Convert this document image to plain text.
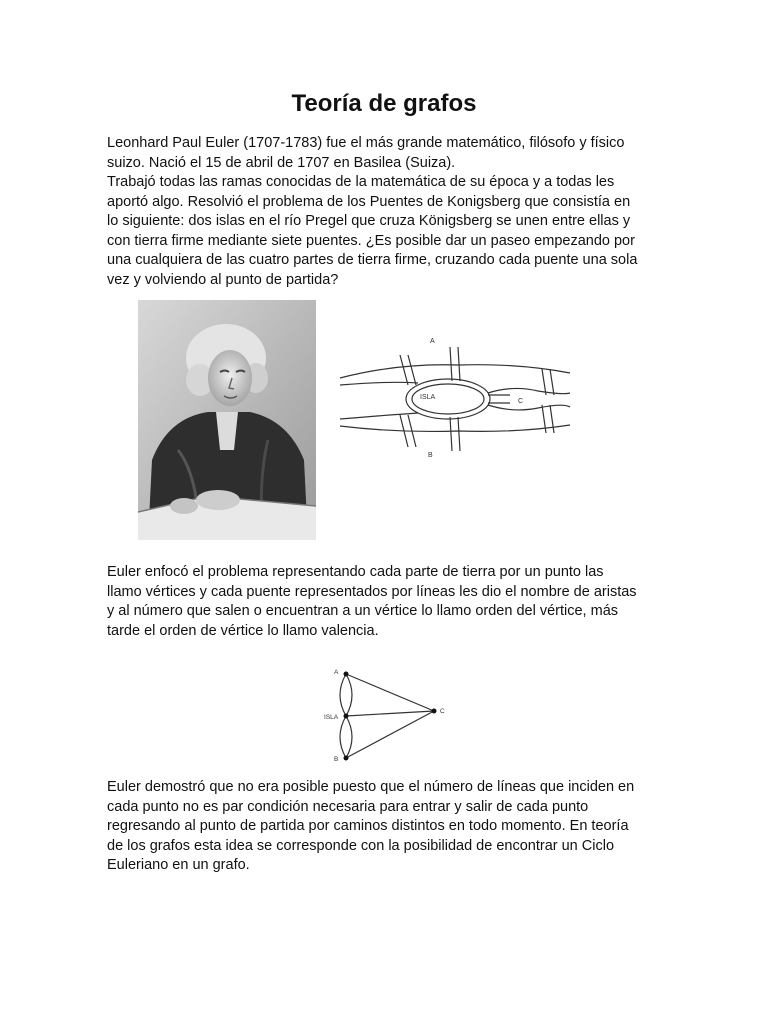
Teoría de grafos

Leonhard Paul Euler (1707-1783) fue el más grande matemático, filósofo y físico
suizo. Nació el 15 de abril de 1707 en Basilea (Suiza).
Trabajó todas las ramas conocidas de la matemática de su época y a todas les
aportó algo. Resolvió el problema de los Puentes de Konigsberg que consistía en
lo siguiente: dos islas en el río Pregel que cruza Königsberg se unen entre ellas y
con tierra firme mediante siete puentes. ¿Es posible dar un paseo empezando por
una cualquiera de las cuatro partes de tierra firme, cruzando cada puente una sola
vez y volviendo al punto de partida?

A
B
C
ISLA

Euler enfocó el problema representando cada parte de tierra por un punto las
llamo vértices y cada puente representados por líneas les dio el nombre de aristas
y al número que salen o encuentran a un vértice lo llamo orden del vértice, más
tarde el orden de vértice lo llamo valencia.

A
B
C
ISLA

Euler demostró que no era posible puesto que el número de líneas que inciden en
cada punto no es par condición necesaria para entrar y salir de cada punto
regresando al punto de partida por caminos distintos en todo momento. En teoría
de los grafos esta idea se corresponde con la posibilidad de encontrar un Ciclo
Euleriano en un grafo.
